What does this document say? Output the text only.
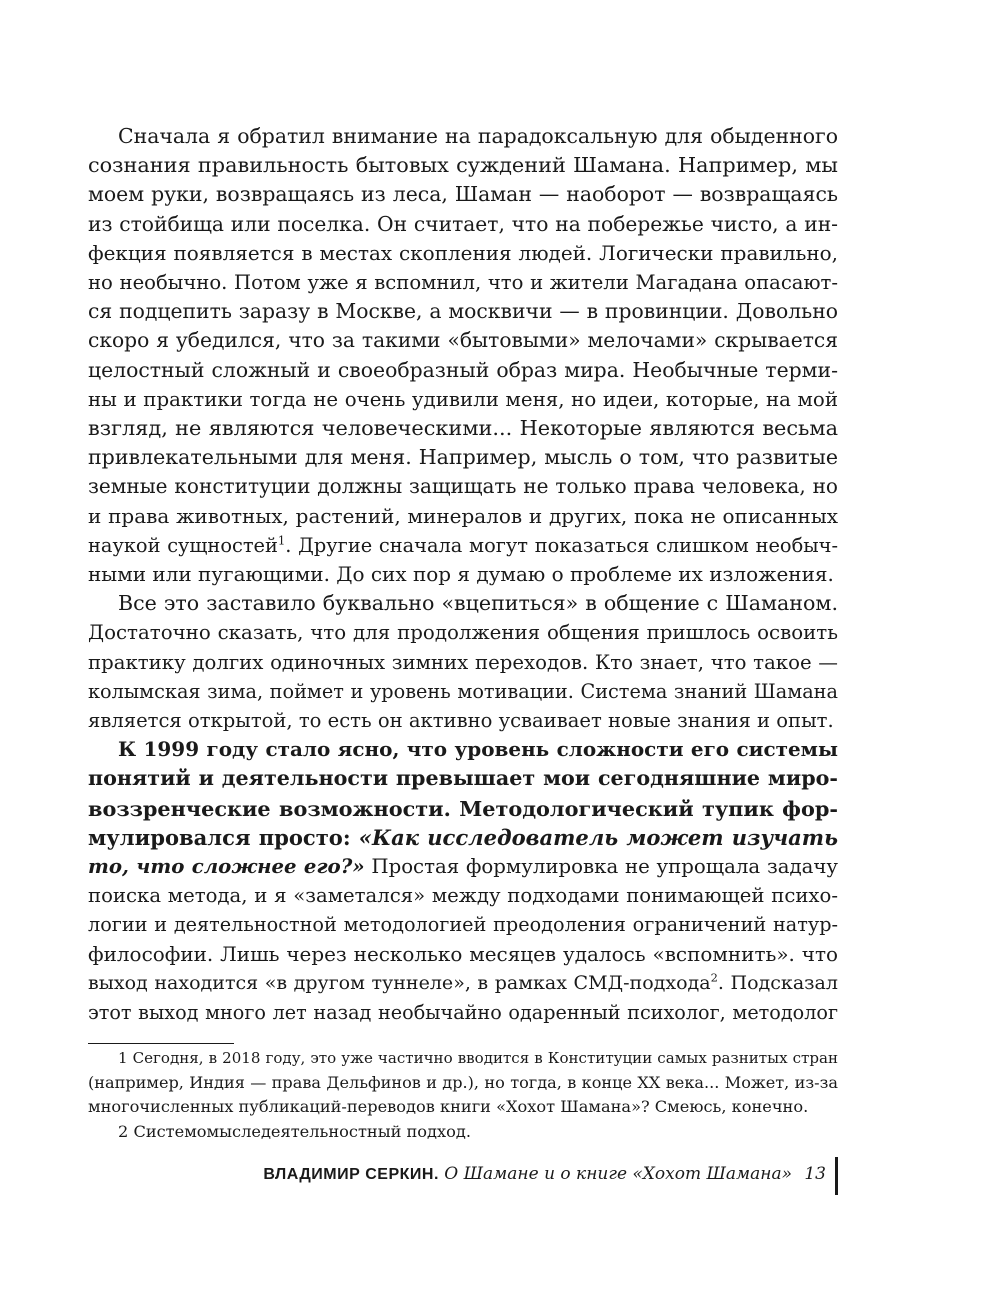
Сначала я обратил внимание на парадоксальную для обыденного
сознания правильность бытовых суждений Шамана. Например, мы
моем руки, возвращаясь из леса, Шаман — наоборот — возвращаясь
из стойбища или поселка. Он считает, что на побережье чисто, а ин-
фекция появляется в местах скопления людей. Логически правильно,
но необычно. Потом уже я вспомнил, что и жители Магадана опасают-
ся подцепить заразу в Москве, а москвичи — в провинции. Довольно
скоро я убедился, что за такими «бытовыми» мелочами» скрывается
целостный сложный и своеобразный образ мира. Необычные терми-
ны и практики тогда не очень удивили меня, но идеи, которые, на мой
взгляд, не являются человеческими... Некоторые являются весьма
привлекательными для меня. Например, мысль о том, что развитые
земные конституции должны защищать не только права человека, но
и права животных, растений, минералов и других, пока не описанных
наукой сущностей$^1$. Другие сначала могут показаться слишком необыч-
ными или пугающими. До сих пор я думаю о проблеме их изложения.
Все это заставило буквально «вцепиться» в общение с Шаманом.
Достаточно сказать, что для продолжения общения пришлось освоить
практику долгих одиночных зимних переходов. Кто знает, что такое —
колымская зима, поймет и уровень мотивации. Система знаний Шамана
является открытой, то есть он активно усваивает новые знания и опыт.
К 1999 году стало ясно, что уровень сложности его системы
понятий и деятельности превышает мои сегодняшние миро-
воззренческие возможности. Методологический тупик фор-
мулировался просто: «Как исследователь может изучать
то, что сложнее его?» Простая формулировка не упрощала задачу
поиска метода, и я «заметался» между подходами понимающей психо-
логии и деятельностной методологией преодоления ограничений натур-
философии. Лишь через несколько месяцев удалось «вспомнить». что
выход находится «в другом туннеле», в рамках СМД-подхода$^2$. Подсказал
этот выход много лет назад необычайно одаренный психолог, методолог
1 Сегодня, в 2018 году, это уже частично вводится в Конституции самых разнитых стран
(например, Индия — права Дельфинов и др.), но тогда, в конце XX века... Может, из-за
многочисленных публикаций-переводов книги «Хохот Шамана»? Смеюсь, конечно.
2 Системомыследеятельностный подход.
ВЛАДИМИР СЕРКИН. О Шамане и о книге «Хохот Шамана» 13
